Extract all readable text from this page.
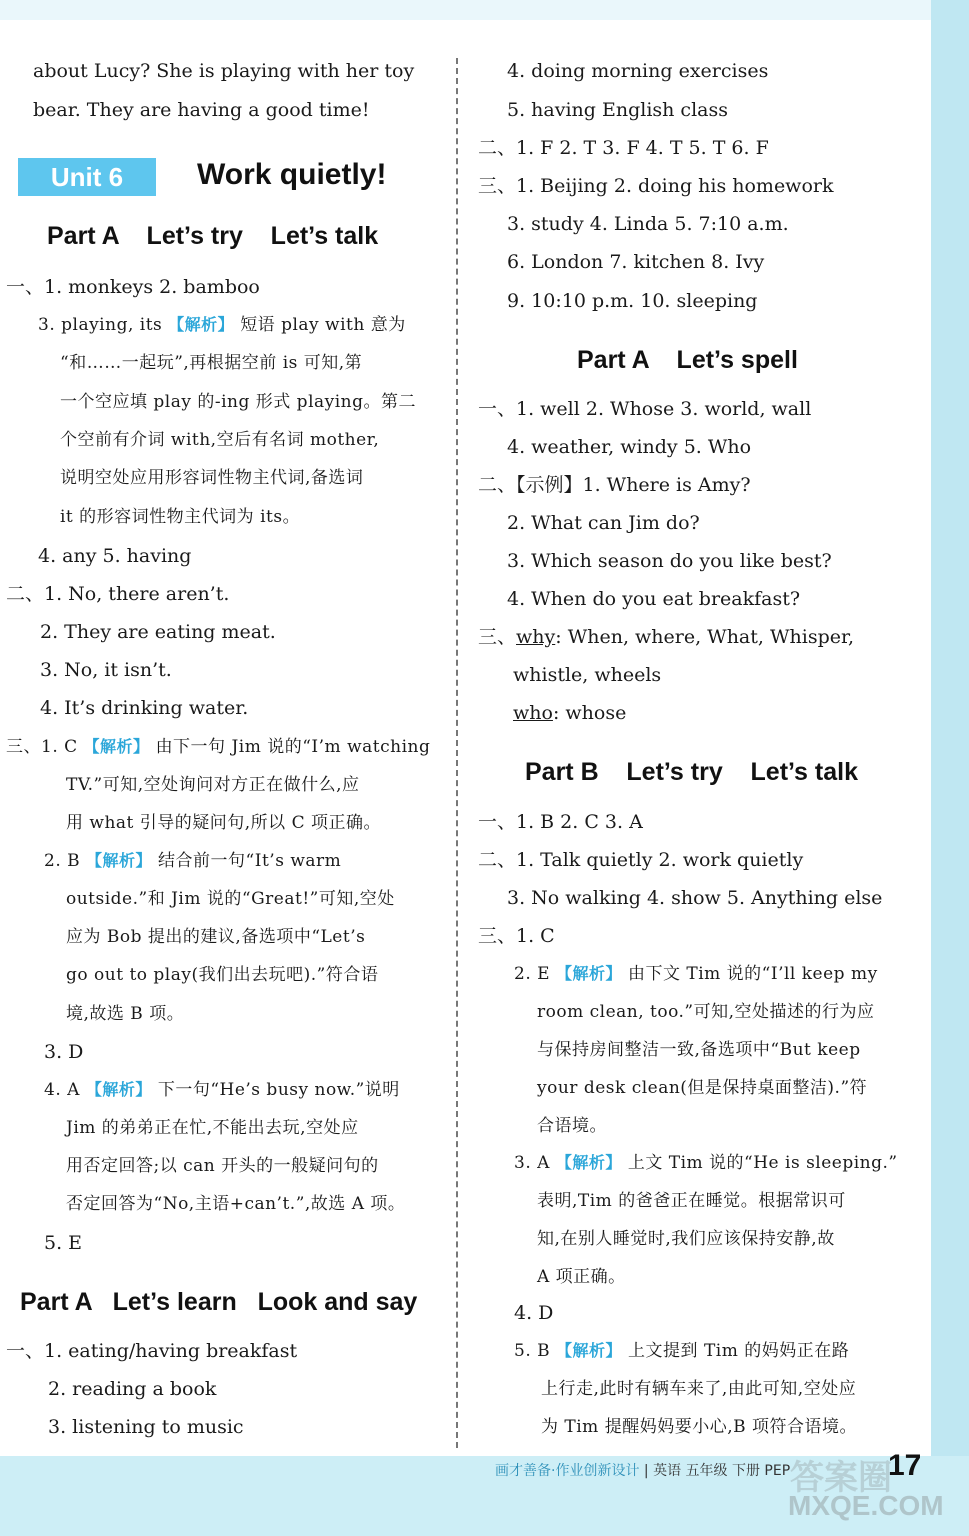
about Lucy? She is playing with her toy
bear. They are having a good time!
Unit 6	Work quietly!
Part A    Let’s try    Let’s talk
一、1. monkeys 2. bamboo
3. playing, its 【解析】 短语 play with 意为
“和……一起玩”,再根据空前 is 可知,第
一个空应填 play 的-ing 形式 playing。第二
个空前有介词 with,空后有名词 mother,
说明空处应用形容词性物主代词,备选词
it 的形容词性物主代词为 its。
4. any 5. having
二、1. No, there aren’t.
2. They are eating meat.
3. No, it isn’t.
4. It’s drinking water.
三、1. C 【解析】 由下一句 Jim 说的“I’m watching
TV.”可知,空处询问对方正在做什么,应
用 what 引导的疑问句,所以 C 项正确。
2. B 【解析】 结合前一句“It’s warm
outside.”和 Jim 说的“Great!”可知,空处
应为 Bob 提出的建议,备选项中“Let’s
go out to play(我们出去玩吧).”符合语
境,故选 B 项。
3. D
4. A 【解析】 下一句“He’s busy now.”说明
Jim 的弟弟正在忙,不能出去玩,空处应
用否定回答;以 can 开头的一般疑问句的
否定回答为“No,主语+can’t.”,故选 A 项。
5. E
Part A   Let’s learn   Look and say
一、1. eating/having breakfast
2. reading a book
3. listening to music
4. doing morning exercises
5. having English class
二、1. F 2. T 3. F 4. T 5. T 6. F
三、1. Beijing 2. doing his homework
3. study 4. Linda 5. 7:10 a.m.
6. London 7. kitchen 8. Ivy
9. 10:10 p.m. 10. sleeping
Part A    Let’s spell
一、1. well 2. Whose 3. world, wall
4. weather, windy 5. Who
二、【示例】1. Where is Amy?
2. What can Jim do?
3. Which season do you like best?
4. When do you eat breakfast?
三、why: When, where, What, Whisper,
whistle, wheels
who: whose
Part B    Let’s try    Let’s talk
一、1. B 2. C 3. A
二、1. Talk quietly 2. work quietly
3. No walking 4. show 5. Anything else
三、1. C
2. E 【解析】 由下文 Tim 说的“I’ll keep my
room clean, too.”可知,空处描述的行为应
与保持房间整洁一致,备选项中“But keep
your desk clean(但是保持桌面整洁).”符
合语境。
3. A 【解析】 上文 Tim 说的“He is sleeping.”
表明,Tim 的爸爸正在睡觉。根据常识可
知,在别人睡觉时,我们应该保持安静,故
A 项正确。
4. D
5. B 【解析】 上文提到 Tim 的妈妈正在路
上行走,此时有辆车来了,由此可知,空处应
为 Tim 提醒妈妈要小心,B 项符合语境。
画才善备·作业创新设计 | 英语 五年级 下册 PEP 答案圈
MXQE.COM
17
